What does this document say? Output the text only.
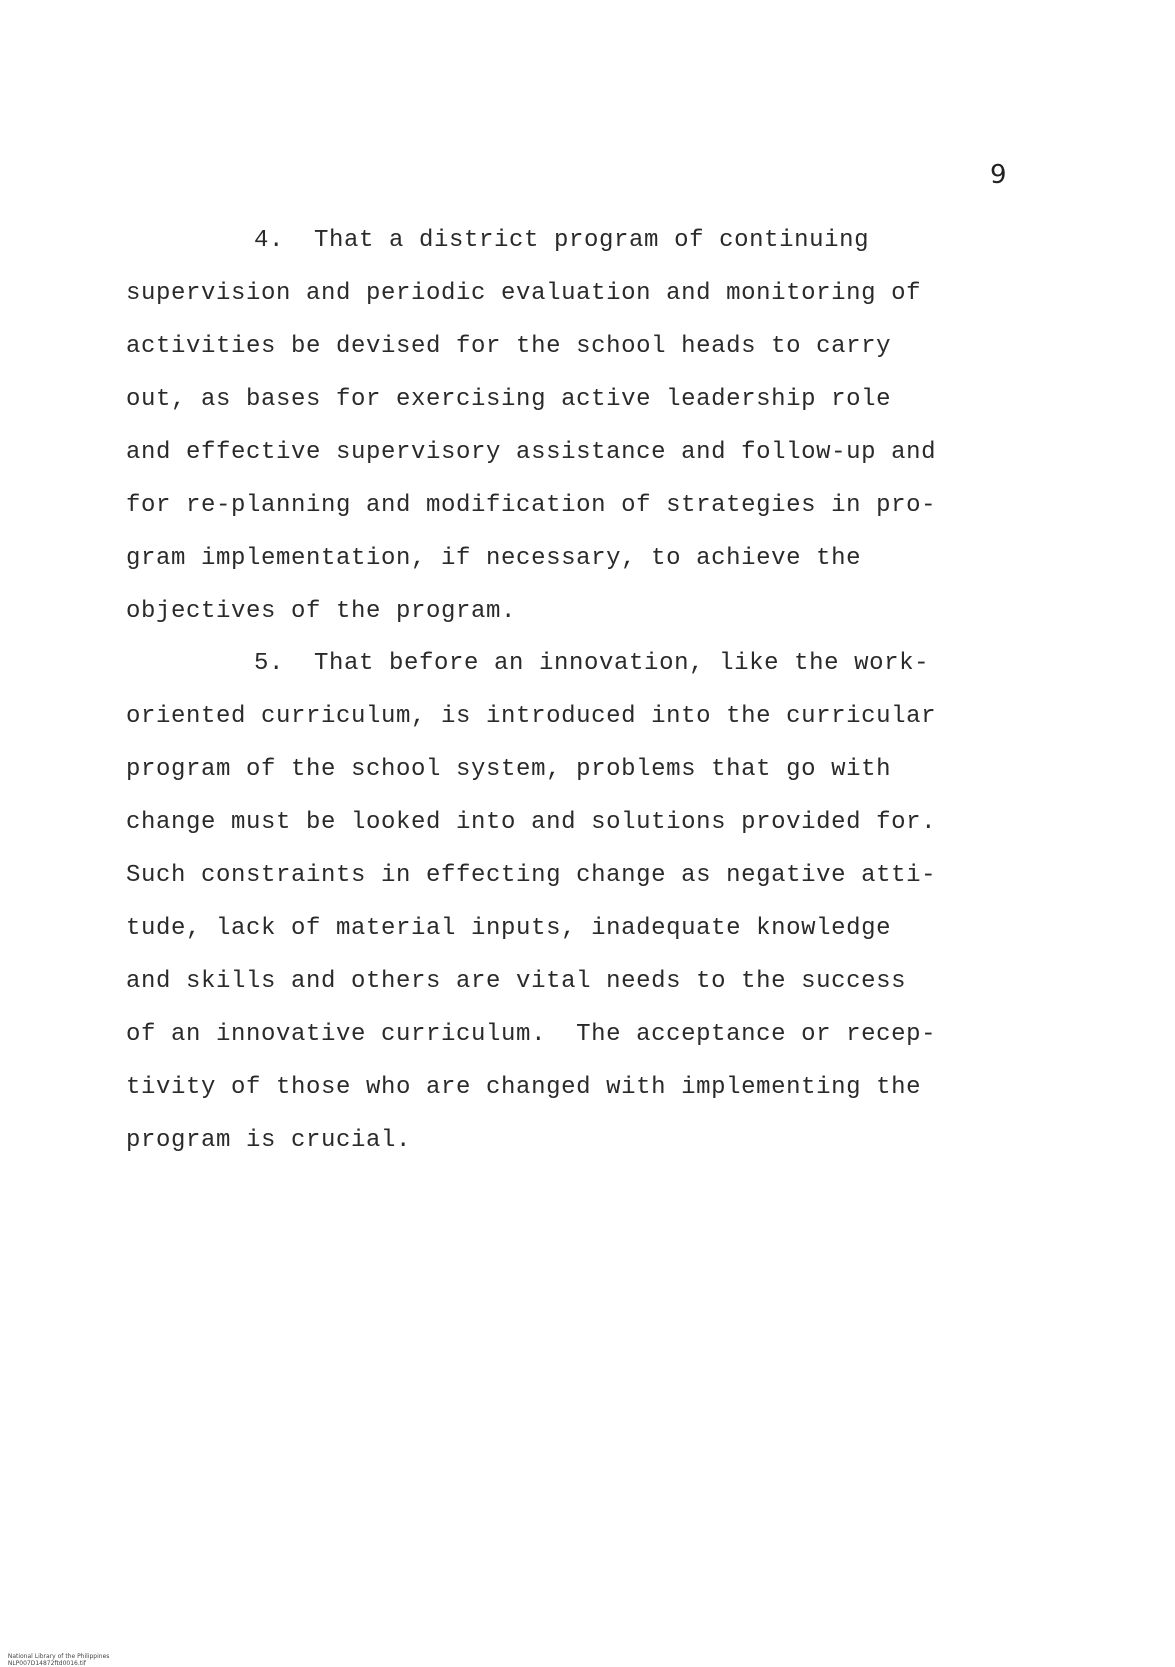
9
4.  That a district program of continuing
supervision and periodic evaluation and monitoring of
activities be devised for the school heads to carry
out, as bases for exercising active leadership role
and effective supervisory assistance and follow-up and
for re-planning and modification of strategies in pro-
gram implementation, if necessary, to achieve the
objectives of the program.
5.  That before an innovation, like the work-
oriented curriculum, is introduced into the curricular
program of the school system, problems that go with
change must be looked into and solutions provided for.
Such constraints in effecting change as negative atti-
tude, lack of material inputs, inadequate knowledge
and skills and others are vital needs to the success
of an innovative curriculum.  The acceptance or recep-
tivity of those who are changed with implementing the
program is crucial.

National Library of the Philippines
NLP007D14872ftd0016.tif
